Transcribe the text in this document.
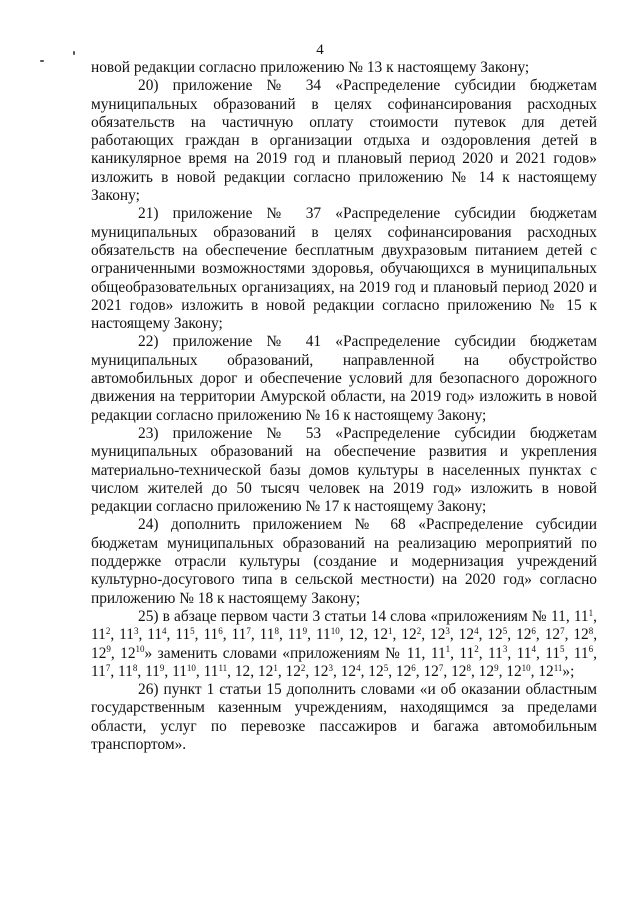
4

новой редакции согласно приложению № 13 к настоящему Закону;

20) приложение № 34 «Распределение субсидии бюджетам муниципальных образований в целях софинансирования расходных обязательств на частичную оплату стоимости путевок для детей работающих граждан в организации отдыха и оздоровления детей в каникулярное время на 2019 год и плановый период 2020 и 2021 годов» изложить в новой редакции согласно приложению № 14 к настоящему Закону;

21) приложение № 37 «Распределение субсидии бюджетам муниципальных образований в целях софинансирования расходных обязательств на обеспечение бесплатным двухразовым питанием детей с ограниченными возможностями здоровья, обучающихся в муниципальных общеобразовательных организациях, на 2019 год и плановый период 2020 и 2021 годов» изложить в новой редакции согласно приложению № 15 к настоящему Закону;

22) приложение № 41 «Распределение субсидии бюджетам муниципальных образований, направленной на обустройство автомобильных дорог и обеспечение условий для безопасного дорожного движения на территории Амурской области, на 2019 год» изложить в новой редакции согласно приложению № 16 к настоящему Закону;

23) приложение № 53 «Распределение субсидии бюджетам муниципальных образований на обеспечение развития и укрепления материально-технической базы домов культуры в населенных пунктах с числом жителей до 50 тысяч человек на 2019 год» изложить в новой редакции согласно приложению № 17 к настоящему Закону;

24) дополнить приложением № 68 «Распределение субсидии бюджетам муниципальных образований на реализацию мероприятий по поддержке отрасли культуры (создание и модернизация учреждений культурно-досугового типа в сельской местности) на 2020 год» согласно приложению № 18 к настоящему Закону;

25) в абзаце первом части 3 статьи 14 слова «приложениям № 11, $11^1$, $11^2$, $11^3$, $11^4$, $11^5$, $11^6$, $11^7$, $11^8$, $11^9$, $11^{10}$, 12, $12^1$, $12^2$, $12^3$, $12^4$, $12^5$, $12^6$, $12^7$, $12^8$, $12^9$, $12^{10}$» заменить словами «приложениям № 11, $11^1$, $11^2$, $11^3$, $11^4$, $11^5$, $11^6$, $11^7$, $11^8$, $11^9$, $11^{10}$, $11^{11}$, 12, $12^1$, $12^2$, $12^3$, $12^4$, $12^5$, $12^6$, $12^7$, $12^8$, $12^9$, $12^{10}$, $12^{11}$»;

26) пункт 1 статьи 15 дополнить словами «и об оказании областным государственным казенным учреждениям, находящимся за пределами области, услуг по перевозке пассажиров и багажа автомобильным транспортом».
